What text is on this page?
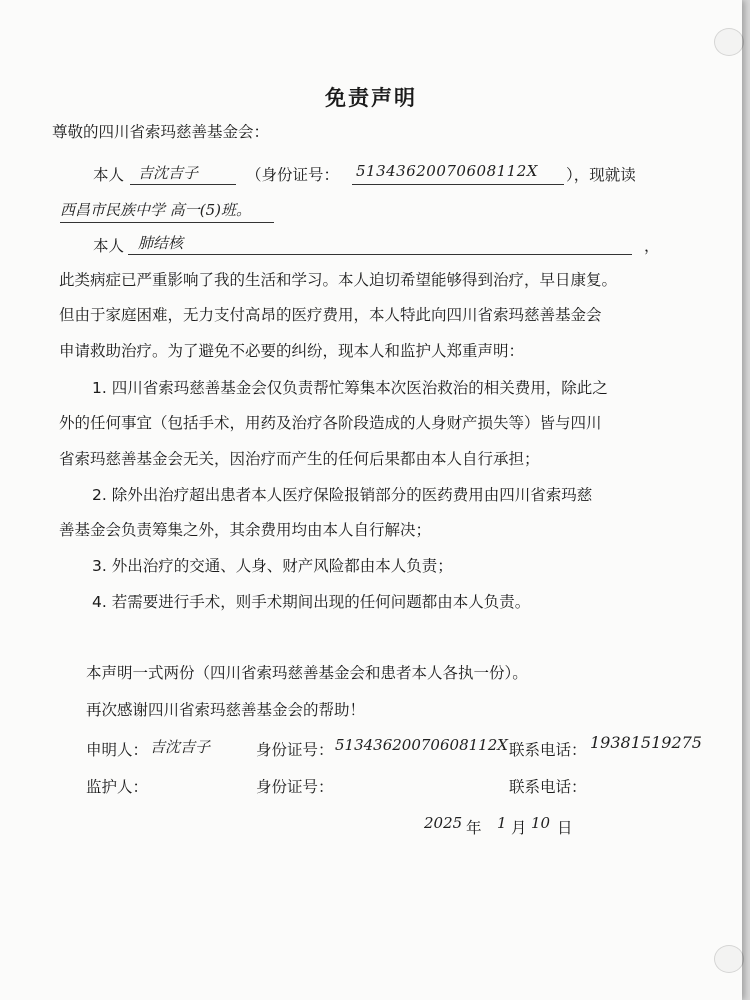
免责声明
尊敬的四川省索玛慈善基金会：
本人 吉沈吉子	（身份证号： 51343620070608112X ），现就读
西昌市民族中学 高一(5)班。
本人 肺结核	，
此类病症已严重影响了我的生活和学习。本人迫切希望能够得到治疗，早日康复。
但由于家庭困难，无力支付高昂的医疗费用，本人特此向四川省索玛慈善基金会
申请救助治疗。为了避免不必要的纠纷，现本人和监护人郑重声明：
1. 四川省索玛慈善基金会仅负责帮忙筹集本次医治救治的相关费用，除此之
外的任何事宜（包括手术，用药及治疗各阶段造成的人身财产损失等）皆与四川
省索玛慈善基金会无关，因治疗而产生的任何后果都由本人自行承担；
2. 除外出治疗超出患者本人医疗保险报销部分的医药费用由四川省索玛慈
善基金会负责筹集之外，其余费用均由本人自行解决；
3. 外出治疗的交通、人身、财产风险都由本人负责；
4. 若需要进行手术，则手术期间出现的任何问题都由本人负责。
本声明一式两份（四川省索玛慈善基金会和患者本人各执一份）。
再次感谢四川省索玛慈善基金会的帮助！
申明人： 吉沈吉子	身份证号： 51343620070608112X 联系电话： 19381519275
监护人：	身份证号：	联系电话：
2025 年 1 月 10 日
